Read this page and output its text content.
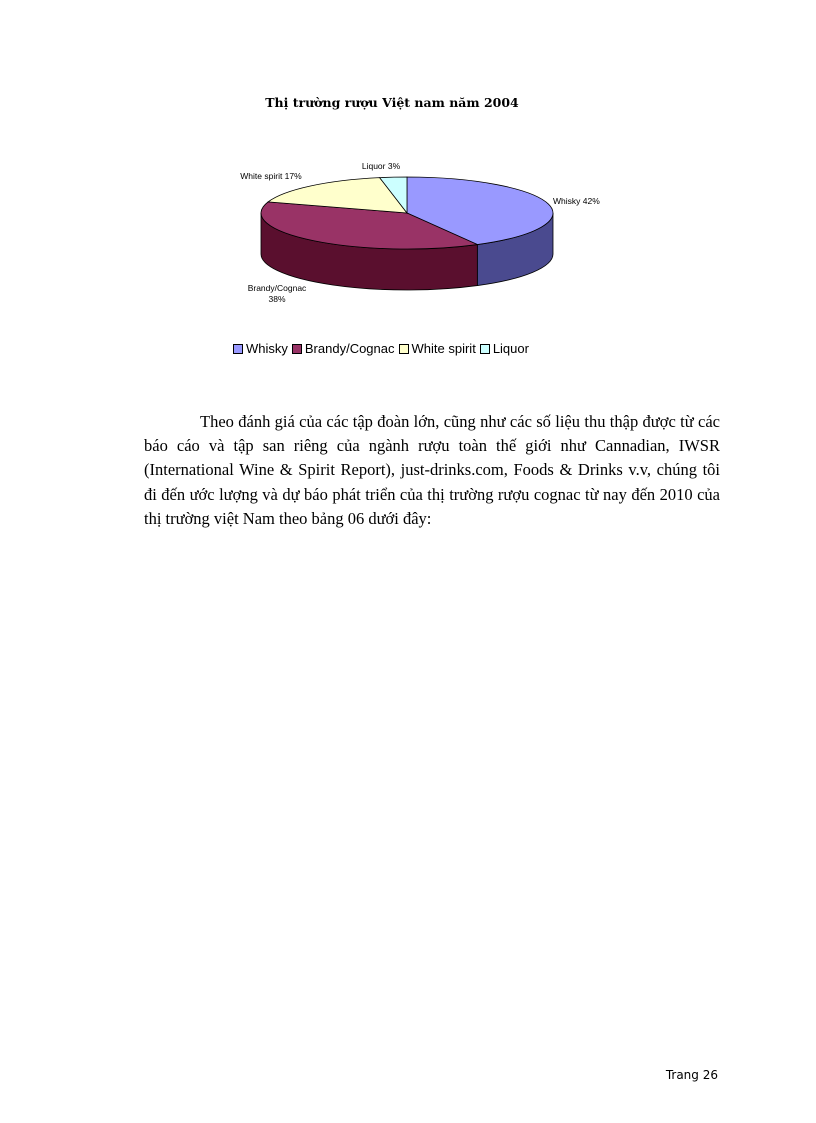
Thị trường rượu Việt nam năm 2004
Whisky 42%
Brandy/Cognac 38%
White spirit 17%
Liquor 3%
Whisky Brandy/Cognac White spirit Liquor

Theo đánh giá của các tập đoàn lớn, cũng như các số liệu thu thập được từ các báo cáo và tập san riêng của ngành rượu toàn thế giới như Cannadian, IWSR (International Wine & Spirit Report), just-drinks.com, Foods & Drinks v.v, chúng tôi đi đến ước lượng và dự báo phát triển của thị trường rượu cognac từ nay đến 2010 của thị trường việt Nam theo bảng 06 dưới đây:

Trang 26
